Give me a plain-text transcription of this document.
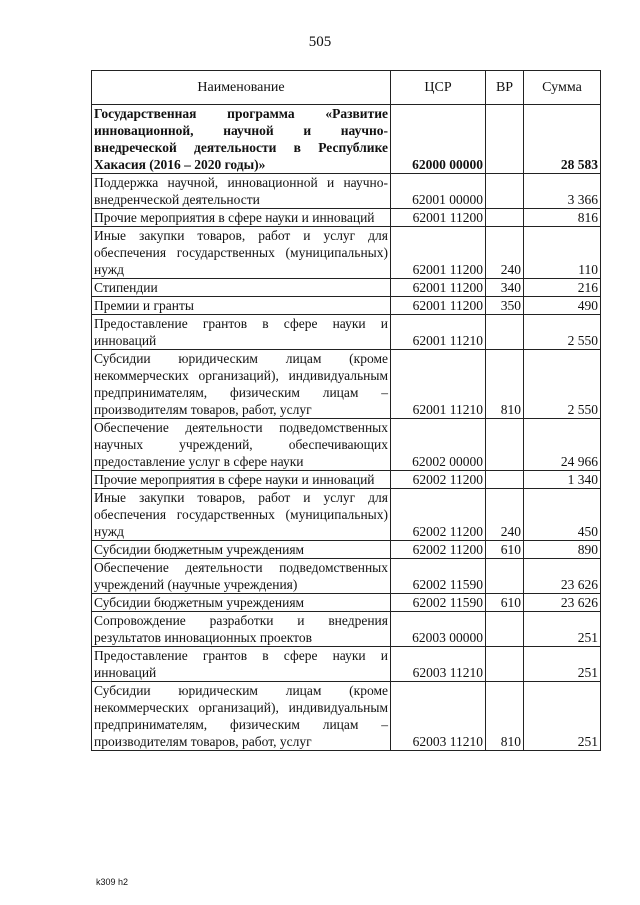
505
Наименование	ЦСР	ВР	Сумма
Государственная программа «Развитие инновационной, научной и научно-внедреческой деятельности в Республике Хакасия (2016 – 2020 годы)»	62000 00000		28 583
Поддержка научной, инновационной и научно-внедренческой деятельности	62001 00000		3 366
Прочие мероприятия в сфере науки и инноваций	62001 11200		816
Иные закупки товаров, работ и услуг для обеспечения государственных (муниципальных) нужд	62001 11200	240	110
Стипендии	62001 11200	340	216
Премии и гранты	62001 11200	350	490
Предоставление грантов в сфере науки и инноваций	62001 11210		2 550
Субсидии юридическим лицам (кроме некоммерческих организаций), индивидуальным предпринимателям, физическим лицам – производителям товаров, работ, услуг	62001 11210	810	2 550
Обеспечение деятельности подведомственных научных учреждений, обеспечивающих предоставление услуг в сфере науки	62002 00000		24 966
Прочие мероприятия в сфере науки и инноваций	62002 11200		1 340
Иные закупки товаров, работ и услуг для обеспечения государственных (муниципальных) нужд	62002 11200	240	450
Субсидии бюджетным учреждениям	62002 11200	610	890
Обеспечение деятельности подведомственных учреждений (научные учреждения)	62002 11590		23 626
Субсидии бюджетным учреждениям	62002 11590	610	23 626
Сопровождение разработки и внедрения результатов инновационных проектов	62003 00000		251
Предоставление грантов в сфере науки и инноваций	62003 11210		251
Субсидии юридическим лицам (кроме некоммерческих организаций), индивидуальным предпринимателям, физическим лицам – производителям товаров, работ, услуг	62003 11210	810	251
k309 h2
